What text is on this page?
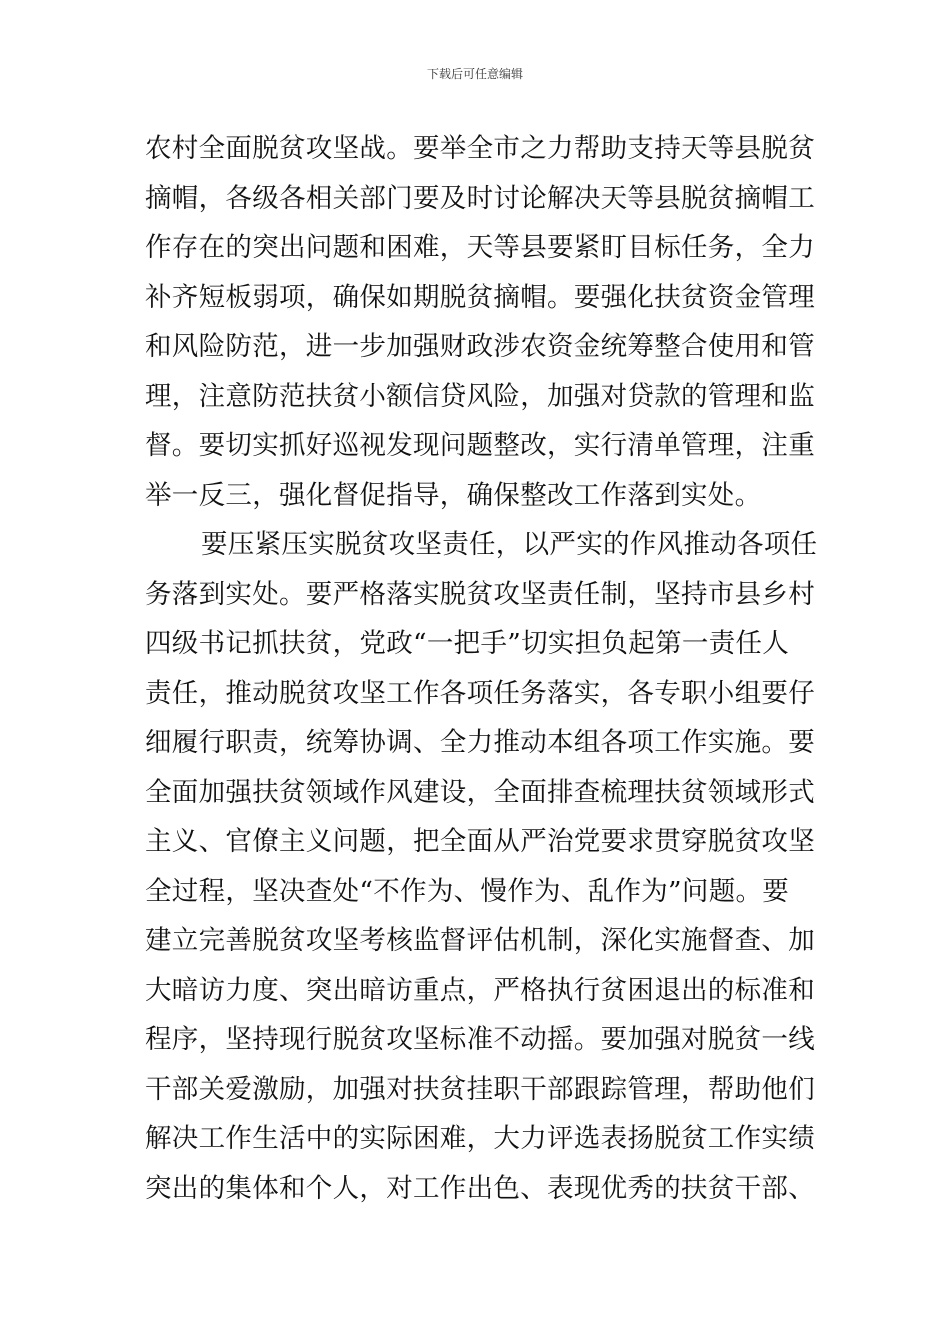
下载后可任意编辑
农村全面脱贫攻坚战。要举全市之力帮助支持天等县脱贫
摘帽，各级各相关部门要及时讨论解决天等县脱贫摘帽工
作存在的突出问题和困难，天等县要紧盯目标任务，全力
补齐短板弱项，确保如期脱贫摘帽。要强化扶贫资金管理
和风险防范，进一步加强财政涉农资金统筹整合使用和管
理，注意防范扶贫小额信贷风险，加强对贷款的管理和监
督。要切实抓好巡视发现问题整改，实行清单管理，注重
举一反三，强化督促指导，确保整改工作落到实处。
要压紧压实脱贫攻坚责任，以严实的作风推动各项任
务落到实处。要严格落实脱贫攻坚责任制，坚持市县乡村
四级书记抓扶贫，党政“一把手”切实担负起第一责任人
责任，推动脱贫攻坚工作各项任务落实，各专职小组要仔
细履行职责，统筹协调、全力推动本组各项工作实施。要
全面加强扶贫领域作风建设，全面排查梳理扶贫领域形式
主义、官僚主义问题，把全面从严治党要求贯穿脱贫攻坚
全过程，坚决查处“不作为、慢作为、乱作为”问题。要
建立完善脱贫攻坚考核监督评估机制，深化实施督查、加
大暗访力度、突出暗访重点，严格执行贫困退出的标准和
程序，坚持现行脱贫攻坚标准不动摇。要加强对脱贫一线
干部关爱激励，加强对扶贫挂职干部跟踪管理，帮助他们
解决工作生活中的实际困难，大力评选表扬脱贫工作实绩
突出的集体和个人，对工作出色、表现优秀的扶贫干部、
